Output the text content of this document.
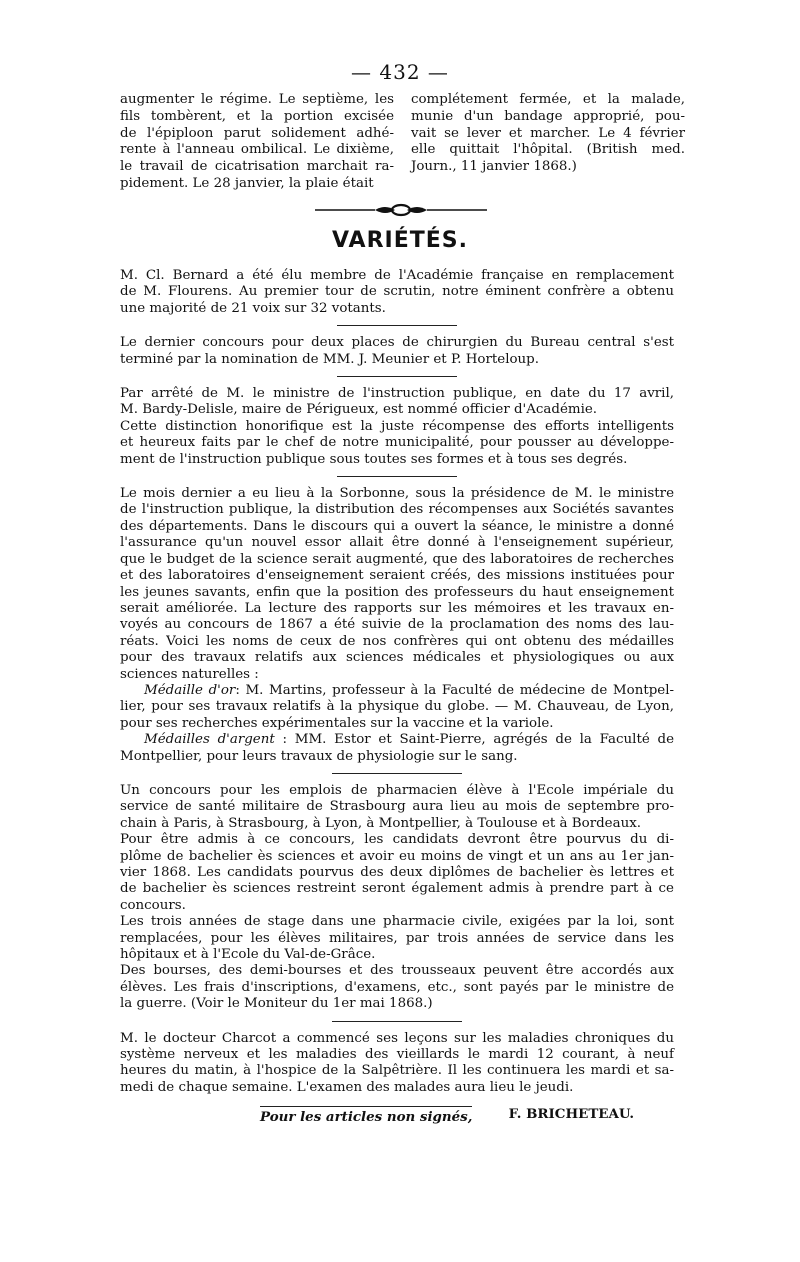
— 432 —
augmenter le régime. Le septième, les
fils tombèrent, et la portion excisée
de l'épiploon parut solidement adhé-
rente à l'anneau ombilical. Le dixième,
le travail de cicatrisation marchait ra-
pidement. Le 28 janvier, la plaie était
complétement fermée, et la malade,
munie d'un bandage approprié, pou-
vait se lever et marcher. Le 4 février
elle quittait l'hôpital. (British med.
Journ., 11 janvier 1868.)
VARIÉTÉS.
M. Cl. Bernard a été élu membre de l'Académie française en remplacement
de M. Flourens. Au premier tour de scrutin, notre éminent confrère a obtenu
une majorité de 21 voix sur 32 votants.
Le dernier concours pour deux places de chirurgien du Bureau central s'est
terminé par la nomination de MM. J. Meunier et P. Horteloup.
Par arrêté de M. le ministre de l'instruction publique, en date du 17 avril,
M. Bardy-Delisle, maire de Périgueux, est nommé officier d'Académie.
Cette distinction honorifique est la juste récompense des efforts intelligents
et heureux faits par le chef de notre municipalité, pour pousser au développe-
ment de l'instruction publique sous toutes ses formes et à tous ses degrés.
Le mois dernier a eu lieu à la Sorbonne, sous la présidence de M. le ministre
de l'instruction publique, la distribution des récompenses aux Sociétés savantes
des départements. Dans le discours qui a ouvert la séance, le ministre a donné
l'assurance qu'un nouvel essor allait être donné à l'enseignement supérieur,
que le budget de la science serait augmenté, que des laboratoires de recherches
et des laboratoires d'enseignement seraient créés, des missions instituées pour
les jeunes savants, enfin que la position des professeurs du haut enseignement
serait améliorée. La lecture des rapports sur les mémoires et les travaux en-
voyés au concours de 1867 a été suivie de la proclamation des noms des lau-
réats. Voici les noms de ceux de nos confrères qui ont obtenu des médailles
pour des travaux relatifs aux sciences médicales et physiologiques ou aux
sciences naturelles :
Médaille d'or: M. Martins, professeur à la Faculté de médecine de Montpel-
lier, pour ses travaux relatifs à la physique du globe. — M. Chauveau, de Lyon,
pour ses recherches expérimentales sur la vaccine et la variole.
Médailles d'argent : MM. Estor et Saint-Pierre, agrégés de la Faculté de
Montpellier, pour leurs travaux de physiologie sur le sang.
Un concours pour les emplois de pharmacien élève à l'Ecole impériale du
service de santé militaire de Strasbourg aura lieu au mois de septembre pro-
chain à Paris, à Strasbourg, à Lyon, à Montpellier, à Toulouse et à Bordeaux.
Pour être admis à ce concours, les candidats devront être pourvus du di-
plôme de bachelier ès sciences et avoir eu moins de vingt et un ans au 1er jan-
vier 1868. Les candidats pourvus des deux diplômes de bachelier ès lettres et
de bachelier ès sciences restreint seront également admis à prendre part à ce
concours.
Les trois années de stage dans une pharmacie civile, exigées par la loi, sont
remplacées, pour les élèves militaires, par trois années de service dans les
hôpitaux et à l'Ecole du Val-de-Grâce.
Des bourses, des demi-bourses et des trousseaux peuvent être accordés aux
élèves. Les frais d'inscriptions, d'examens, etc., sont payés par le ministre de
la guerre. (Voir le Moniteur du 1er mai 1868.)
M. le docteur Charcot a commencé ses leçons sur les maladies chroniques du
système nerveux et les maladies des vieillards le mardi 12 courant, à neuf
heures du matin, à l'hospice de la Salpêtrière. Il les continuera les mardi et sa-
medi de chaque semaine. L'examen des malades aura lieu le jeudi.
Pour les articles non signés,	F. BRICHETEAU.
